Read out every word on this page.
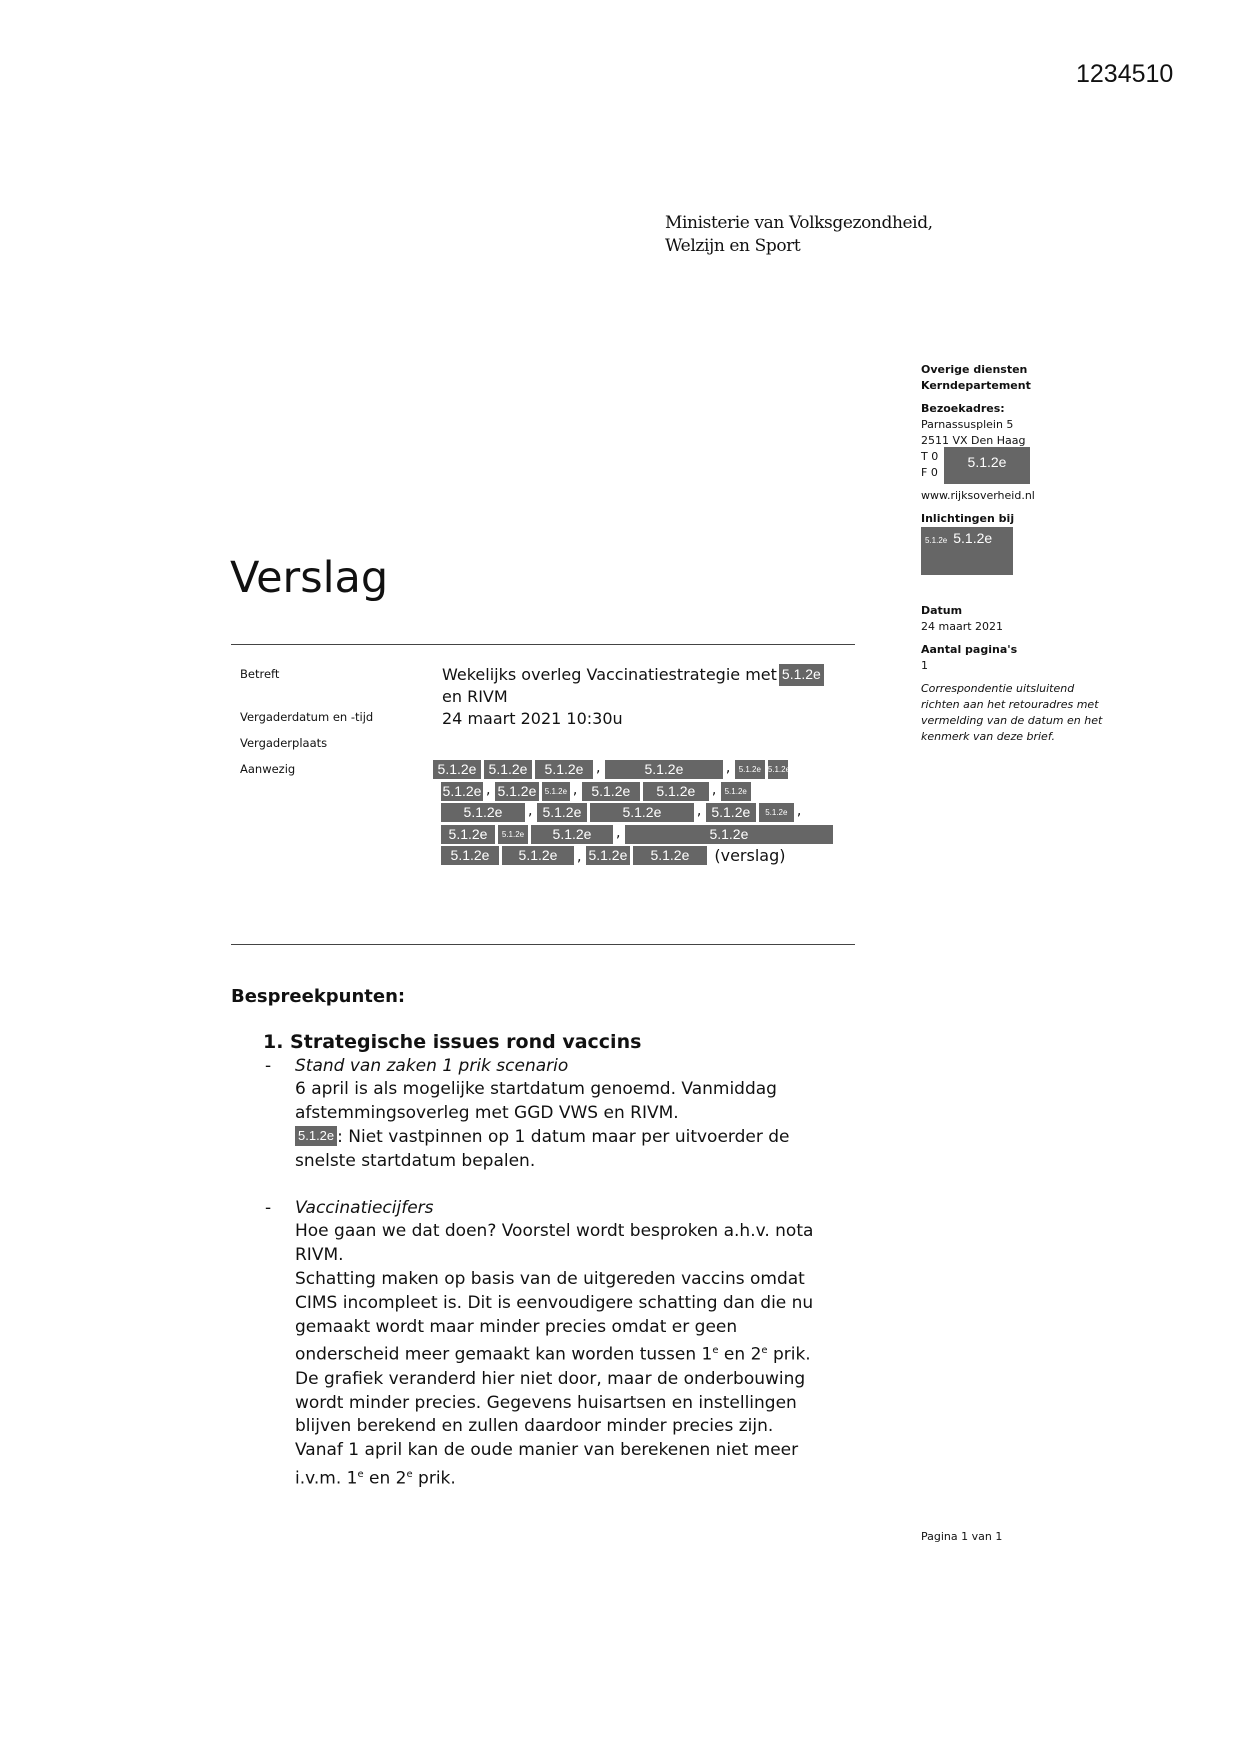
1234510
Ministerie van Volksgezondheid,
Welzijn en Sport
Overige diensten
Kerndepartement
Bezoekadres:
Parnassusplein 5
2511 VX Den Haag
T 0
F 0
5.1.2e
www.rijksoverheid.nl
Inlichtingen bij
5.1.2e 5.1.2e
Datum
24 maart 2021
Aantal pagina's
1
Correspondentie uitsluitend richten aan het retouradres met vermelding van de datum en het kenmerk van deze brief.
Verslag
Betreft	Wekelijks overleg Vaccinatiestrategie met 5.1.2e
en RIVM
Vergaderdatum en -tijd	24 maart 2021 10:30u
Vergaderplaats
Aanwezig	5.1.2e 5.1.2e 5.1.2e ,	5.1.2e	, 5.1.2e 5.1.2e
5.1.2e , 5.1.2e 5.1.2e , 5.1.2e 5.1.2e , 5.1.2e
5.1.2e , 5.1.2e	5.1.2e	, 5.1.2e 5.1.2e ,
5.1.2e 5.1.2e 5.1.2e ,	5.1.2e
5.1.2e 5.1.2e , 5.1.2e 5.1.2e (verslag)
Bespreekpunten:
1. Strategische issues rond vaccins
- Stand van zaken 1 prik scenario
6 april is als mogelijke startdatum genoemd. Vanmiddag
afstemmingsoverleg met GGD VWS en RIVM.
5.1.2e : Niet vastpinnen op 1 datum maar per uitvoerder de
snelste startdatum bepalen.
- Vaccinatiecijfers
Hoe gaan we dat doen? Voorstel wordt besproken a.h.v. nota
RIVM.
Schatting maken op basis van de uitgereden vaccins omdat
CIMS incompleet is. Dit is eenvoudigere schatting dan die nu
gemaakt wordt maar minder precies omdat er geen
onderscheid meer gemaakt kan worden tussen 1e en 2e prik.
De grafiek veranderd hier niet door, maar de onderbouwing
wordt minder precies. Gegevens huisartsen en instellingen
blijven berekend en zullen daardoor minder precies zijn.
Vanaf 1 april kan de oude manier van berekenen niet meer
i.v.m. 1e en 2e prik.
Pagina 1 van 1
